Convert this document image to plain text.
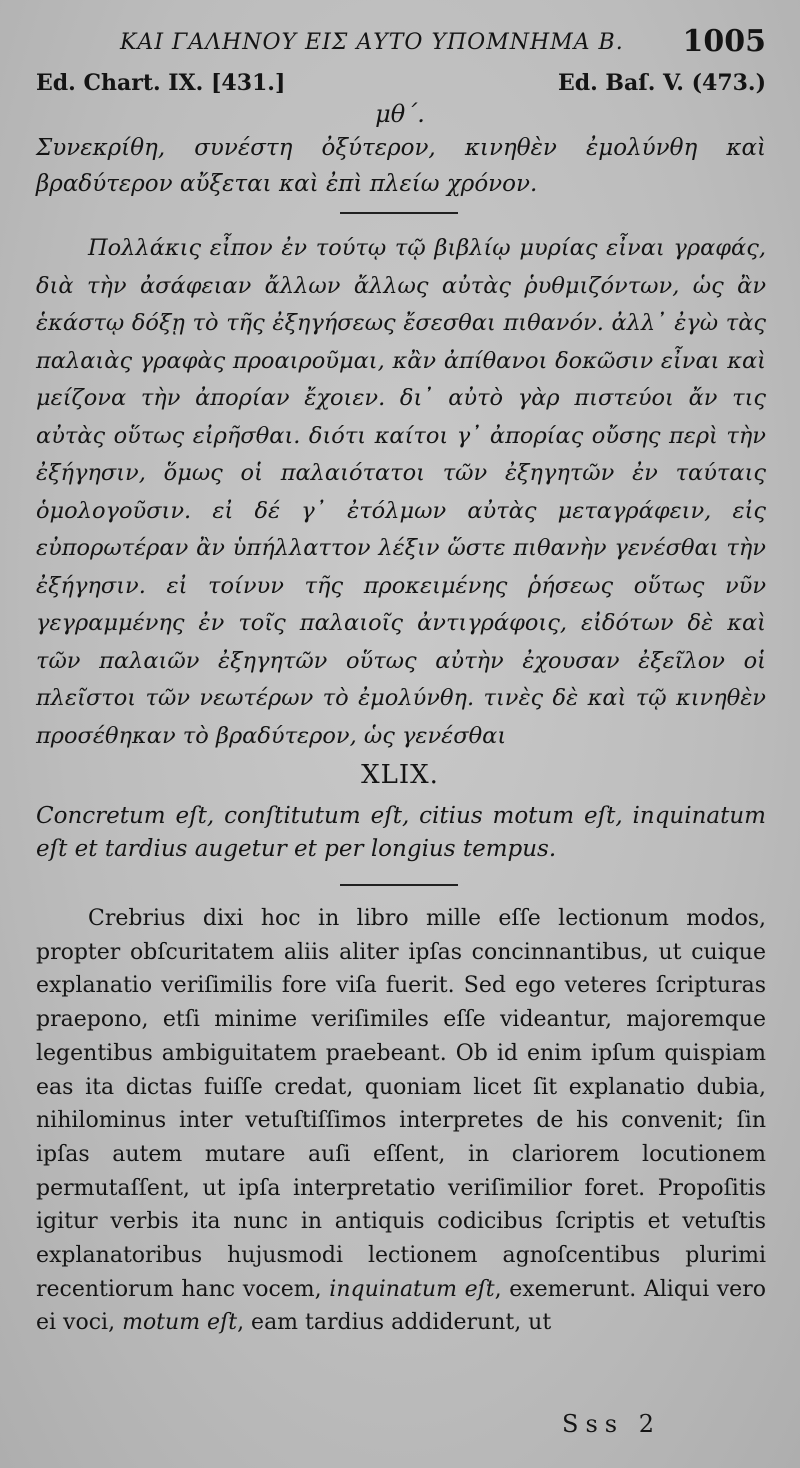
ΚΑΙ ΓΑΛΗΝΟΥ ΕΙΣ ΑΥΤΟ ΥΠΟΜΝΗΜΑ Β. 1005
Ed. Chart. IX. [431.]	Ed. Baſ. V. (473.)
μθ΄.
Συνεκρίθη, συνέστη ὀξύτερον, κινηθὲν ἐμολύνθη καὶ βραδύτερον αὔξεται καὶ ἐπὶ πλείω χρόνον.

Πολλάκις εἶπον ἐν τούτῳ τῷ βιβλίῳ μυρίας εἶναι γραφάς, διὰ τὴν ἀσάφειαν ἄλλων ἄλλως αὐτὰς ῥυθμιζόντων, ὡς ἂν ἑκάστῳ δόξῃ τὸ τῆς ἐξηγήσεως ἔσεσθαι πιθανόν. ἀλλ᾽ ἐγὼ τὰς παλαιὰς γραφὰς προαιροῦμαι, κἂν ἀπίθανοι δοκῶσιν εἶναι καὶ μείζονα τὴν ἀπορίαν ἔχοιεν. δι᾽ αὐτὸ γὰρ πιστεύοι ἄν τις αὐτὰς οὕτως εἰρῆσθαι. διότι καίτοι γ᾽ ἀπορίας οὔσης περὶ τὴν ἐξήγησιν, ὅμως οἱ παλαιότατοι τῶν ἐξηγητῶν ἐν ταύταις ὁμολογοῦσιν. εἰ δέ γ᾽ ἐτόλμων αὐτὰς μεταγράφειν, εἰς εὐπορωτέραν ἂν ὑπήλλαττον λέξιν ὥστε πιθανὴν γενέσθαι τὴν ἐξήγησιν. εἰ τοίνυν τῆς προκειμένης ῥήσεως οὕτως νῦν γεγραμμένης ἐν τοῖς παλαιοῖς ἀντιγράφοις, εἰδότων δὲ καὶ τῶν παλαιῶν ἐξηγητῶν οὕτως αὐτὴν ἐχουσαν ἐξεῖλον οἱ πλεῖστοι τῶν νεωτέρων τὸ ἐμολύνθη. τινὲς δὲ καὶ τῷ κινηθὲν προσέθηκαν τὸ βραδύτερον, ὡς γενέσθαι

XLIX.
Concretum eſt, conſtitutum eſt, citius motum eſt, inquinatum eſt et tardius augetur et per longius tempus.

Crebrius dixi hoc in libro mille eſſe lectionum modos, propter obſcuritatem aliis aliter ipſas concinnantibus, ut cuique explanatio veriſimilis fore viſa fuerit. Sed ego veteres ſcripturas praepono, etſi minime veriſimiles eſſe videantur, majoremque legentibus ambiguitatem praebeant. Ob id enim ipſum quispiam eas ita dictas fuiſſe credat, quoniam licet ſit explanatio dubia, nihilominus inter vetuſtiſſimos interpretes de his convenit; ſin ipſas autem mutare auſi eſſent, in clariorem locutionem permutaſſent, ut ipſa interpretatio veriſimilior foret. Propoſitis igitur verbis ita nunc in antiquis codicibus ſcriptis et vetuſtis explanatoribus hujusmodi lectionem agnoſcentibus plurimi recentiorum hanc vocem, inquinatum eſt, exemerunt. Aliqui vero ei voci, motum eſt, eam tardius addiderunt, ut

Sss 2
